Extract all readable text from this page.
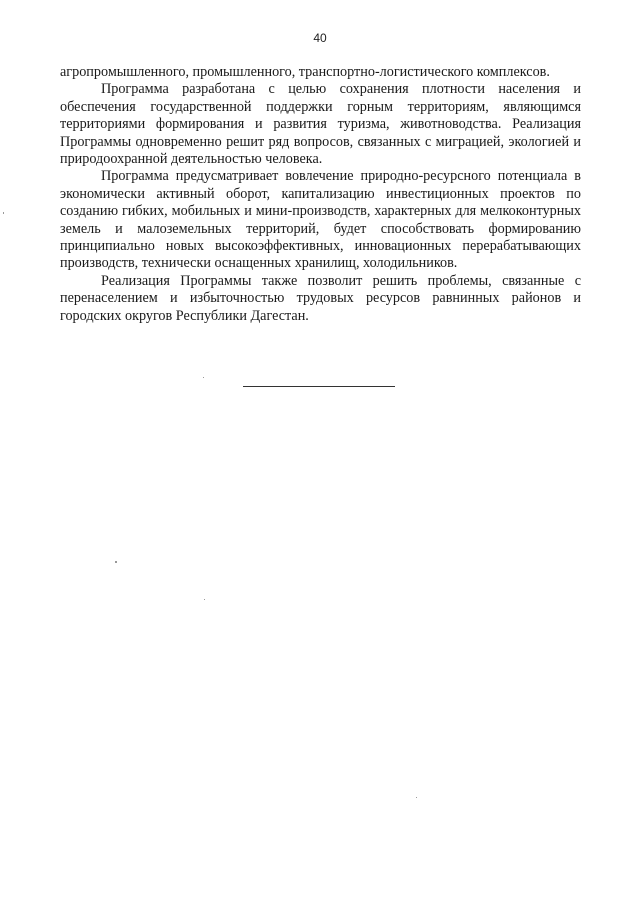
40

агропромышленного, промышленного, транспортно-логистического комплексов.

Программа разработана с целью сохранения плотности населения и обеспечения государственной поддержки горным территориям, являющимся территориями формирования и развития туризма, животноводства. Реализация Программы одновременно решит ряд вопросов, связанных с миграцией, экологией и природоохранной деятельностью человека.

Программа предусматривает вовлечение природно-ресурсного потенциала в экономически активный оборот, капитализацию инвестиционных проектов по созданию гибких, мобильных и мини-производств, характерных для мелкоконтурных земель и малоземельных территорий, будет способствовать формированию принципиально новых высокоэффективных, инновационных перерабатывающих производств, технически оснащенных хранилищ, холодильников.

Реализация Программы также позволит решить проблемы, связанные с перенаселением и избыточностью трудовых ресурсов равнинных районов и городских округов Республики Дагестан.
